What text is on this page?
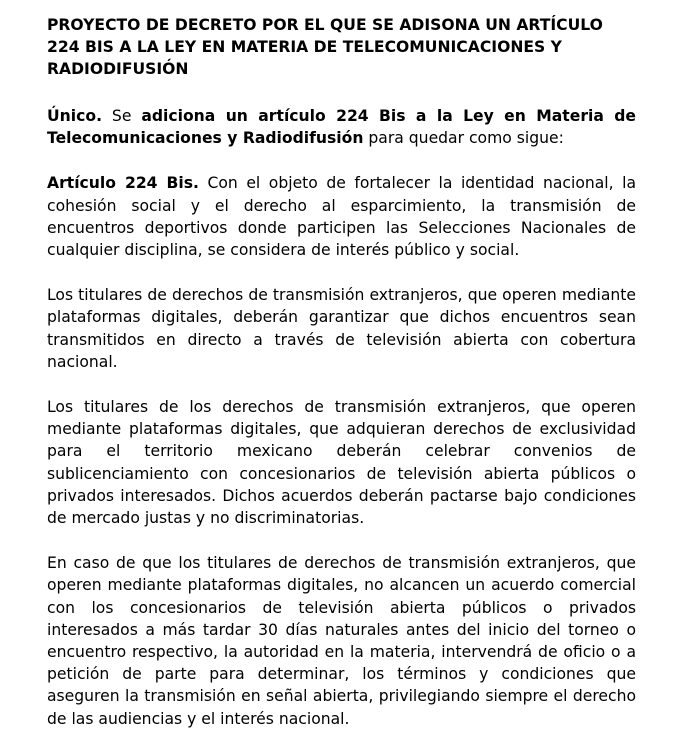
PROYECTO DE DECRETO POR EL QUE SE ADISONA UN ARTÍCULO 224 BIS A LA LEY EN MATERIA DE TELECOMUNICACIONES Y RADIODIFUSIÓN

Único. Se adiciona un artículo 224 Bis a la Ley en Materia de Telecomunicaciones y Radiodifusión para quedar como sigue:

Artículo 224 Bis. Con el objeto de fortalecer la identidad nacional, la cohesión social y el derecho al esparcimiento, la transmisión de encuentros deportivos donde participen las Selecciones Nacionales de cualquier disciplina, se considera de interés público y social.

Los titulares de derechos de transmisión extranjeros, que operen mediante plataformas digitales, deberán garantizar que dichos encuentros sean transmitidos en directo a través de televisión abierta con cobertura nacional.

Los titulares de los derechos de transmisión extranjeros, que operen mediante plataformas digitales, que adquieran derechos de exclusividad para el territorio mexicano deberán celebrar convenios de sublicenciamiento con concesionarios de televisión abierta públicos o privados interesados. Dichos acuerdos deberán pactarse bajo condiciones de mercado justas y no discriminatorias.

En caso de que los titulares de derechos de transmisión extranjeros, que operen mediante plataformas digitales, no alcancen un acuerdo comercial con los concesionarios de televisión abierta públicos o privados interesados a más tardar 30 días naturales antes del inicio del torneo o encuentro respectivo, la autoridad en la materia, intervendrá de oficio o a petición de parte para determinar, los términos y condiciones que aseguren la transmisión en señal abierta, privilegiando siempre el derecho de las audiencias y el interés nacional.
